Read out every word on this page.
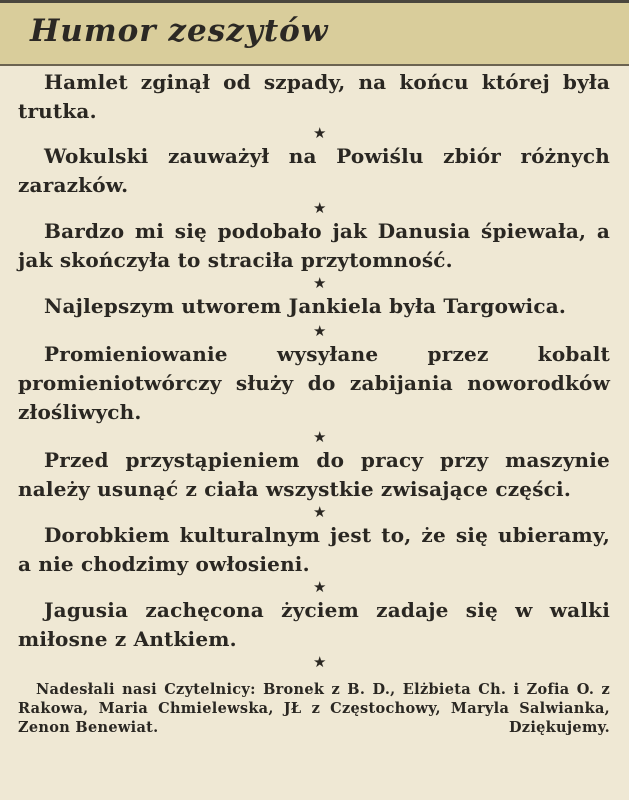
Humor zeszytów
Hamlet zginął od szpady, na końcu której była trutka.
★
Wokulski zauważył na Powiślu zbiór różnych zarazków.
★
Bardzo mi się podobało jak Danusia śpiewała, a jak skończyła to straciła przytomność.
★
Najlepszym utworem Jankiela była Targowica.
★
Promieniowanie wysyłane przez kobalt promieniotwórczy służy do zabijania noworodków złośliwych.
★
Przed przystąpieniem do pracy przy maszynie należy usunąć z ciała wszystkie zwisające części.
★
Dorobkiem kulturalnym jest to, że się ubieramy, a nie chodzimy owłosieni.
★
Jagusia zachęcona życiem zadaje się w walki miłosne z Antkiem.
★
Nadesłali nasi Czytelnicy: Bronek z B. D., Elżbieta Ch. i Zofia O. z Rakowa, Maria Chmielewska, JŁ z Częstochowy, Maryla Salwianka, Zenon Benewiat.	Dziękujemy.
